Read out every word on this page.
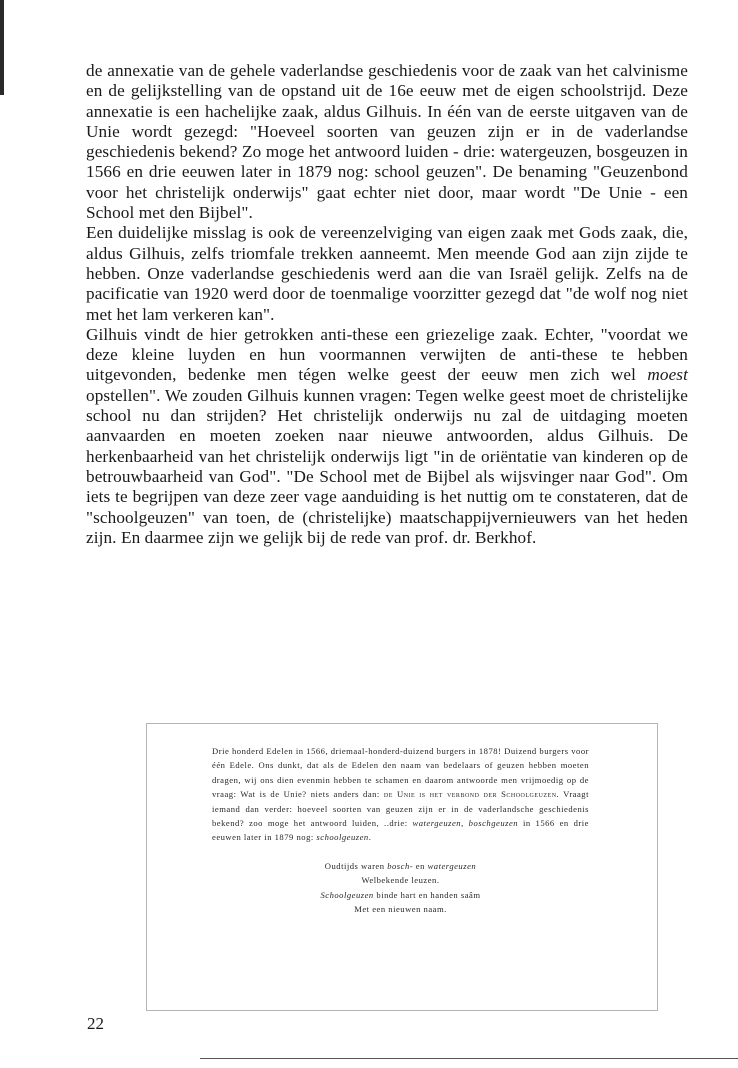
de annexatie van de gehele vaderlandse geschiedenis voor de zaak van het calvinisme en de gelijkstelling van de opstand uit de 16e eeuw met de eigen schoolstrijd. Deze annexatie is een hachelijke zaak, aldus Gilhuis. In één van de eerste uitgaven van de Unie wordt gezegd: "Hoeveel soorten van geuzen zijn er in de vaderlandse geschiedenis bekend? Zo moge het antwoord luiden - drie: watergeuzen, bosgeuzen in 1566 en drie eeuwen later in 1879 nog: school geuzen". De benaming "Geuzenbond voor het christelijk onderwijs" gaat echter niet door, maar wordt "De Unie - een School met den Bijbel".

Een duidelijke misslag is ook de vereenzelviging van eigen zaak met Gods zaak, die, aldus Gilhuis, zelfs triomfale trekken aanneemt. Men meende God aan zijn zijde te hebben. Onze vaderlandse geschiedenis werd aan die van Israël gelijk. Zelfs na de pacificatie van 1920 werd door de toenmalige voorzitter gezegd dat "de wolf nog niet met het lam verkeren kan".

Gilhuis vindt de hier getrokken anti-these een griezelige zaak. Echter, "voordat we deze kleine luyden en hun voormannen verwijten de anti-these te hebben uitgevonden, bedenke men tégen welke geest der eeuw men zich wel moest opstellen". We zouden Gilhuis kunnen vragen: Tegen welke geest moet de christelijke school nu dan strijden? Het christelijk onderwijs nu zal de uitdaging moeten aanvaarden en moeten zoeken naar nieuwe antwoorden, aldus Gilhuis. De herkenbaarheid van het christelijk onderwijs ligt "in de oriëntatie van kinderen op de betrouwbaarheid van God". "De School met de Bijbel als wijsvinger naar God". Om iets te begrijpen van deze zeer vage aanduiding is het nuttig om te constateren, dat de "schoolgeuzen" van toen, de (christelijke) maatschappijvernieuwers van het heden zijn. En daarmee zijn we gelijk bij de rede van prof. dr. Berkhof.

Drie honderd Edelen in 1566, driemaal-honderd-duizend burgers in 1878! Duizend burgers voor één Edele. Ons dunkt, dat als de Edelen den naam van bedelaars of geuzen hebben moeten dragen, wij ons dien evenmin hebben te schamen en daarom antwoorde men vrijmoedig op de vraag: Wat is de Unie? niets anders dan: de Unie is het verbond der Schoolgeuzen. Vraagt iemand dan verder: hoeveel soorten van geuzen zijn er in de vaderlandsche geschiedenis bekend? zoo moge het antwoord luiden, ..drie: watergeuzen, boschgeuzen in 1566 en drie eeuwen later in 1879 nog: schoolgeuzen.

Oudtijds waren bosch- en watergeuzen
Welbekende leuzen.
Schoolgeuzen binde hart en handen saâm
Met een nieuwen naam.
22
